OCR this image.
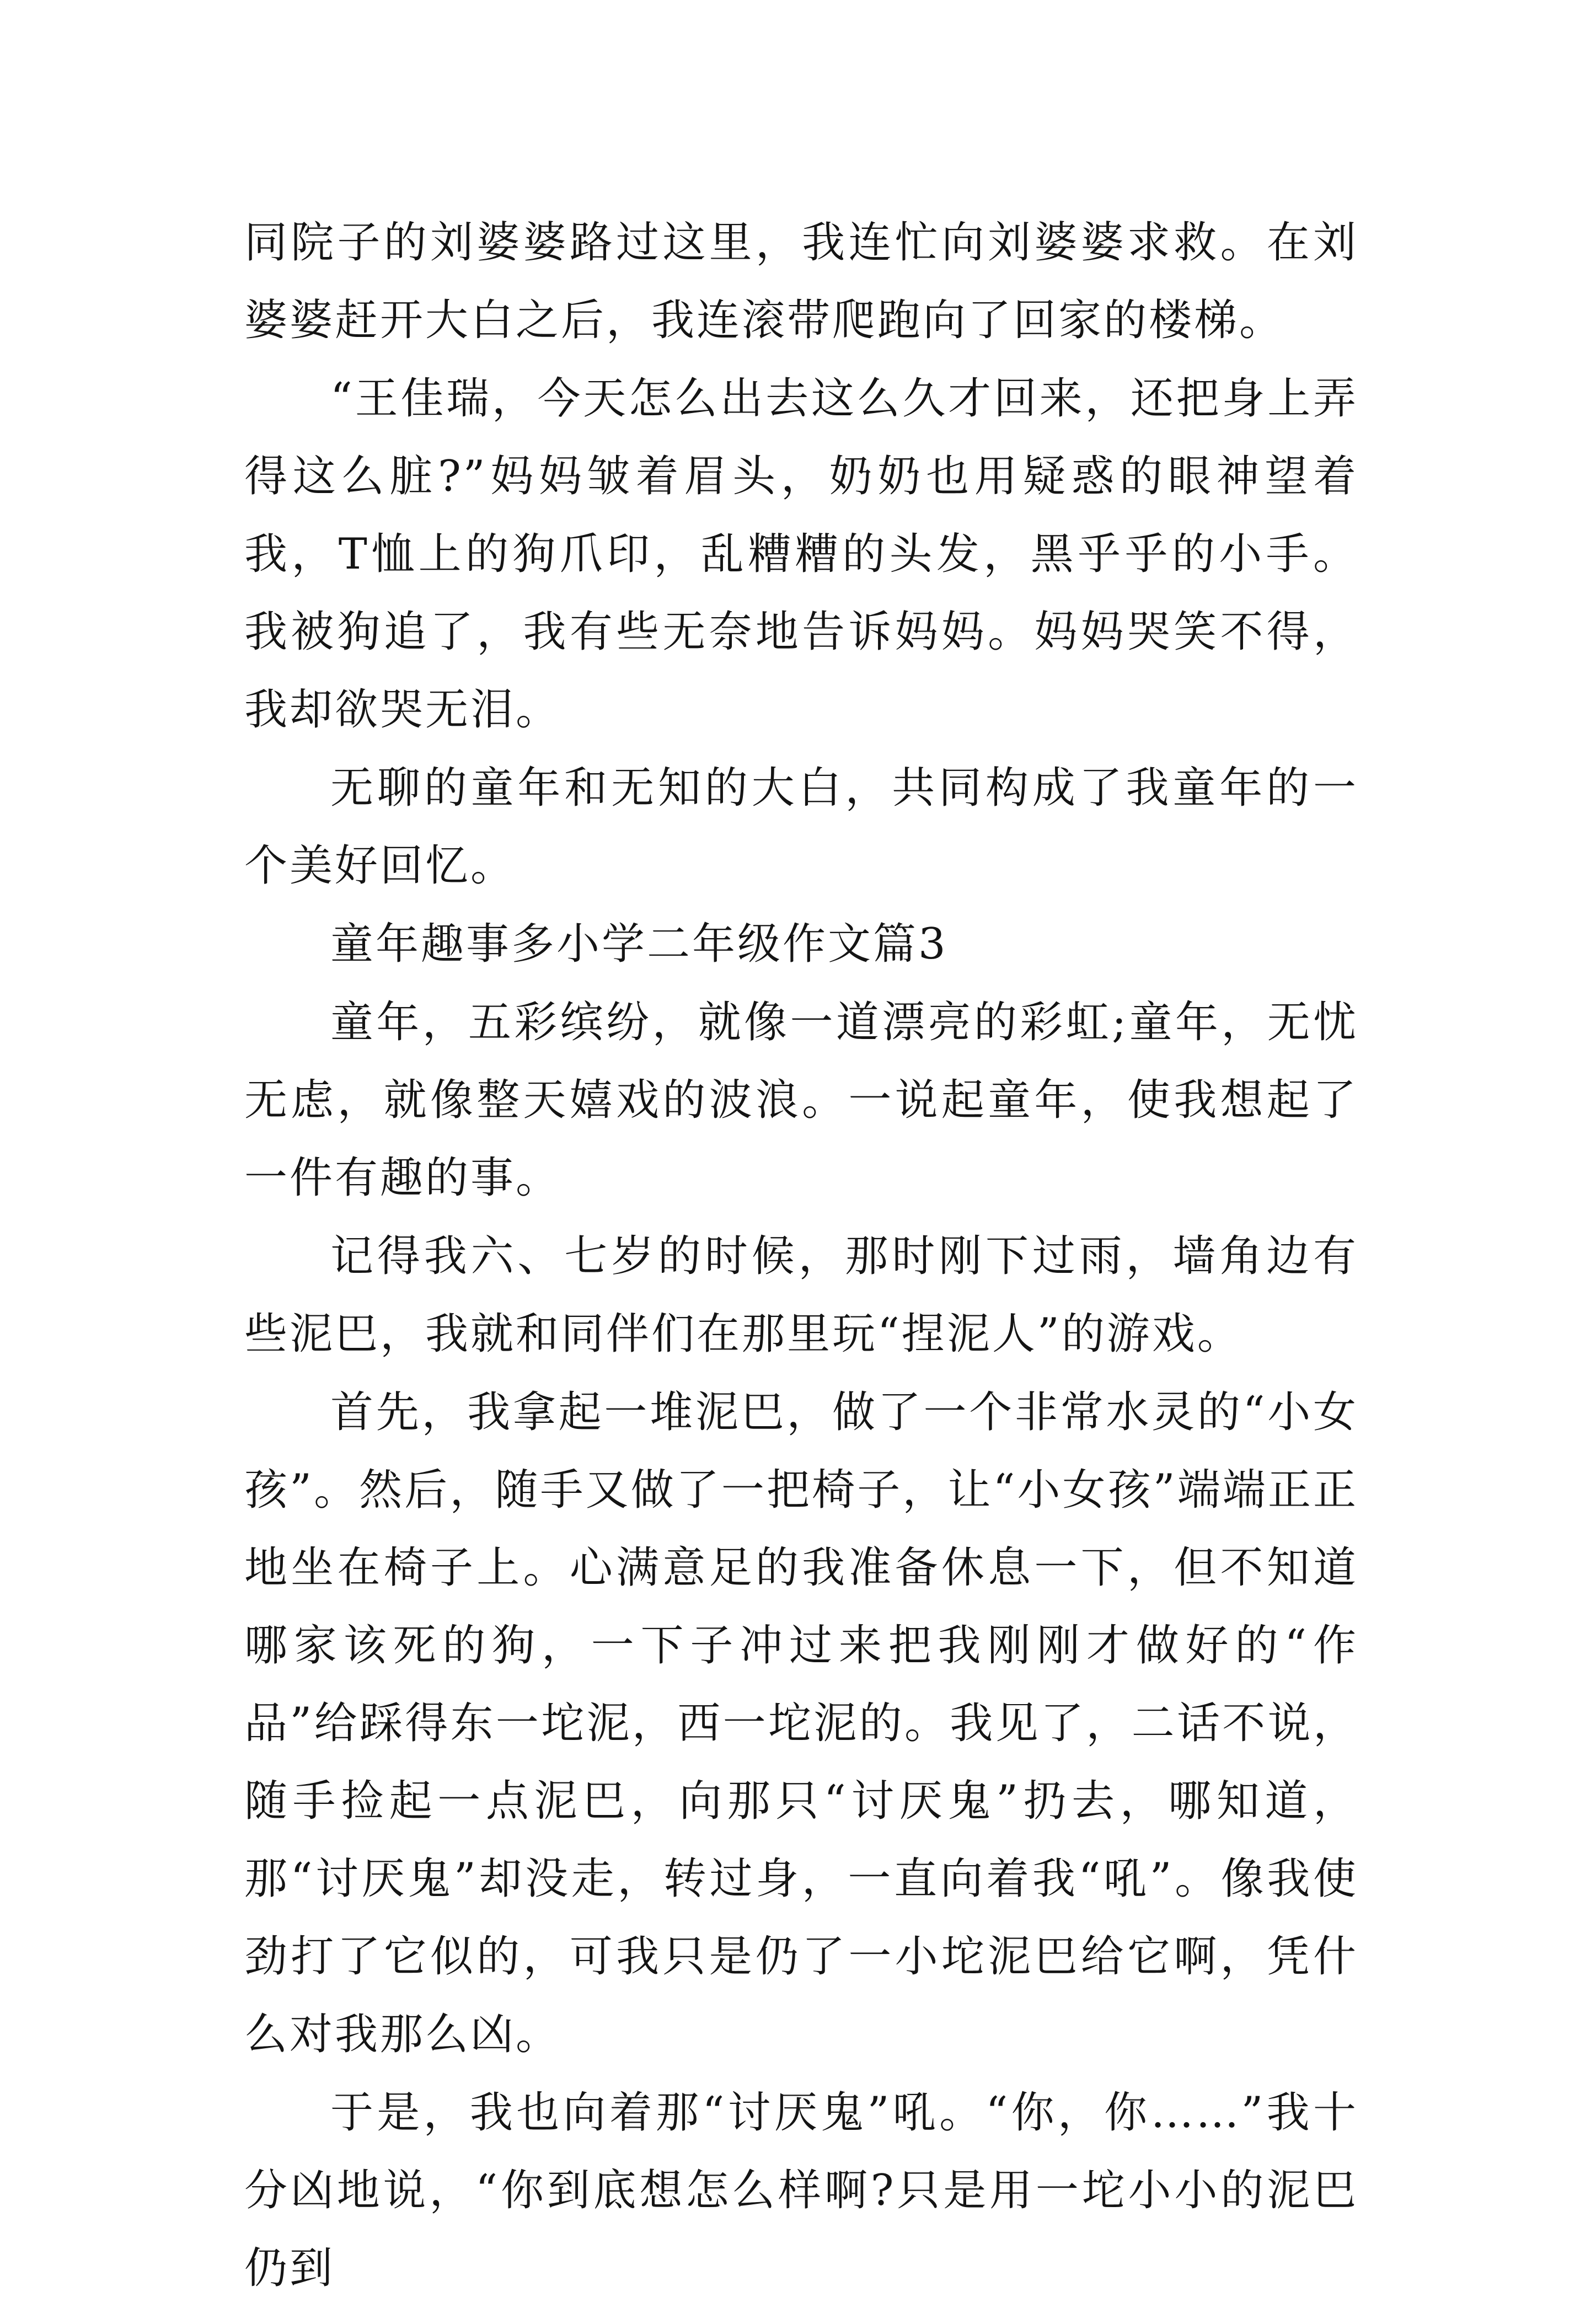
同院子的刘婆婆路过这里，我连忙向刘婆婆求救。在刘婆婆赶开大白之后，我连滚带爬跑向了回家的楼梯。

“王佳瑞，今天怎么出去这么久才回来，还把身上弄得这么脏?”妈妈皱着眉头，奶奶也用疑惑的眼神望着我，T恤上的狗爪印，乱糟糟的头发，黑乎乎的小手。我被狗追了，我有些无奈地告诉妈妈。妈妈哭笑不得，我却欲哭无泪。

无聊的童年和无知的大白，共同构成了我童年的一个美好回忆。

童年趣事多小学二年级作文篇3

童年，五彩缤纷，就像一道漂亮的彩虹;童年，无忧无虑，就像整天嬉戏的波浪。一说起童年，使我想起了一件有趣的事。

记得我六、七岁的时候，那时刚下过雨，墙角边有些泥巴，我就和同伴们在那里玩“捏泥人”的游戏。

首先，我拿起一堆泥巴，做了一个非常水灵的“小女孩”。然后，随手又做了一把椅子，让“小女孩”端端正正地坐在椅子上。心满意足的我准备休息一下，但不知道哪家该死的狗，一下子冲过来把我刚刚才做好的“作品”给踩得东一坨泥，西一坨泥的。我见了，二话不说，随手捡起一点泥巴，向那只“讨厌鬼”扔去，哪知道，那“讨厌鬼”却没走，转过身，一直向着我“吼”。像我使劲打了它似的，可我只是仍了一小坨泥巴给它啊，凭什么对我那么凶。

于是，我也向着那“讨厌鬼”吼。“你，你……”我十分凶地说，“你到底想怎么样啊?只是用一坨小小的泥巴仍到
